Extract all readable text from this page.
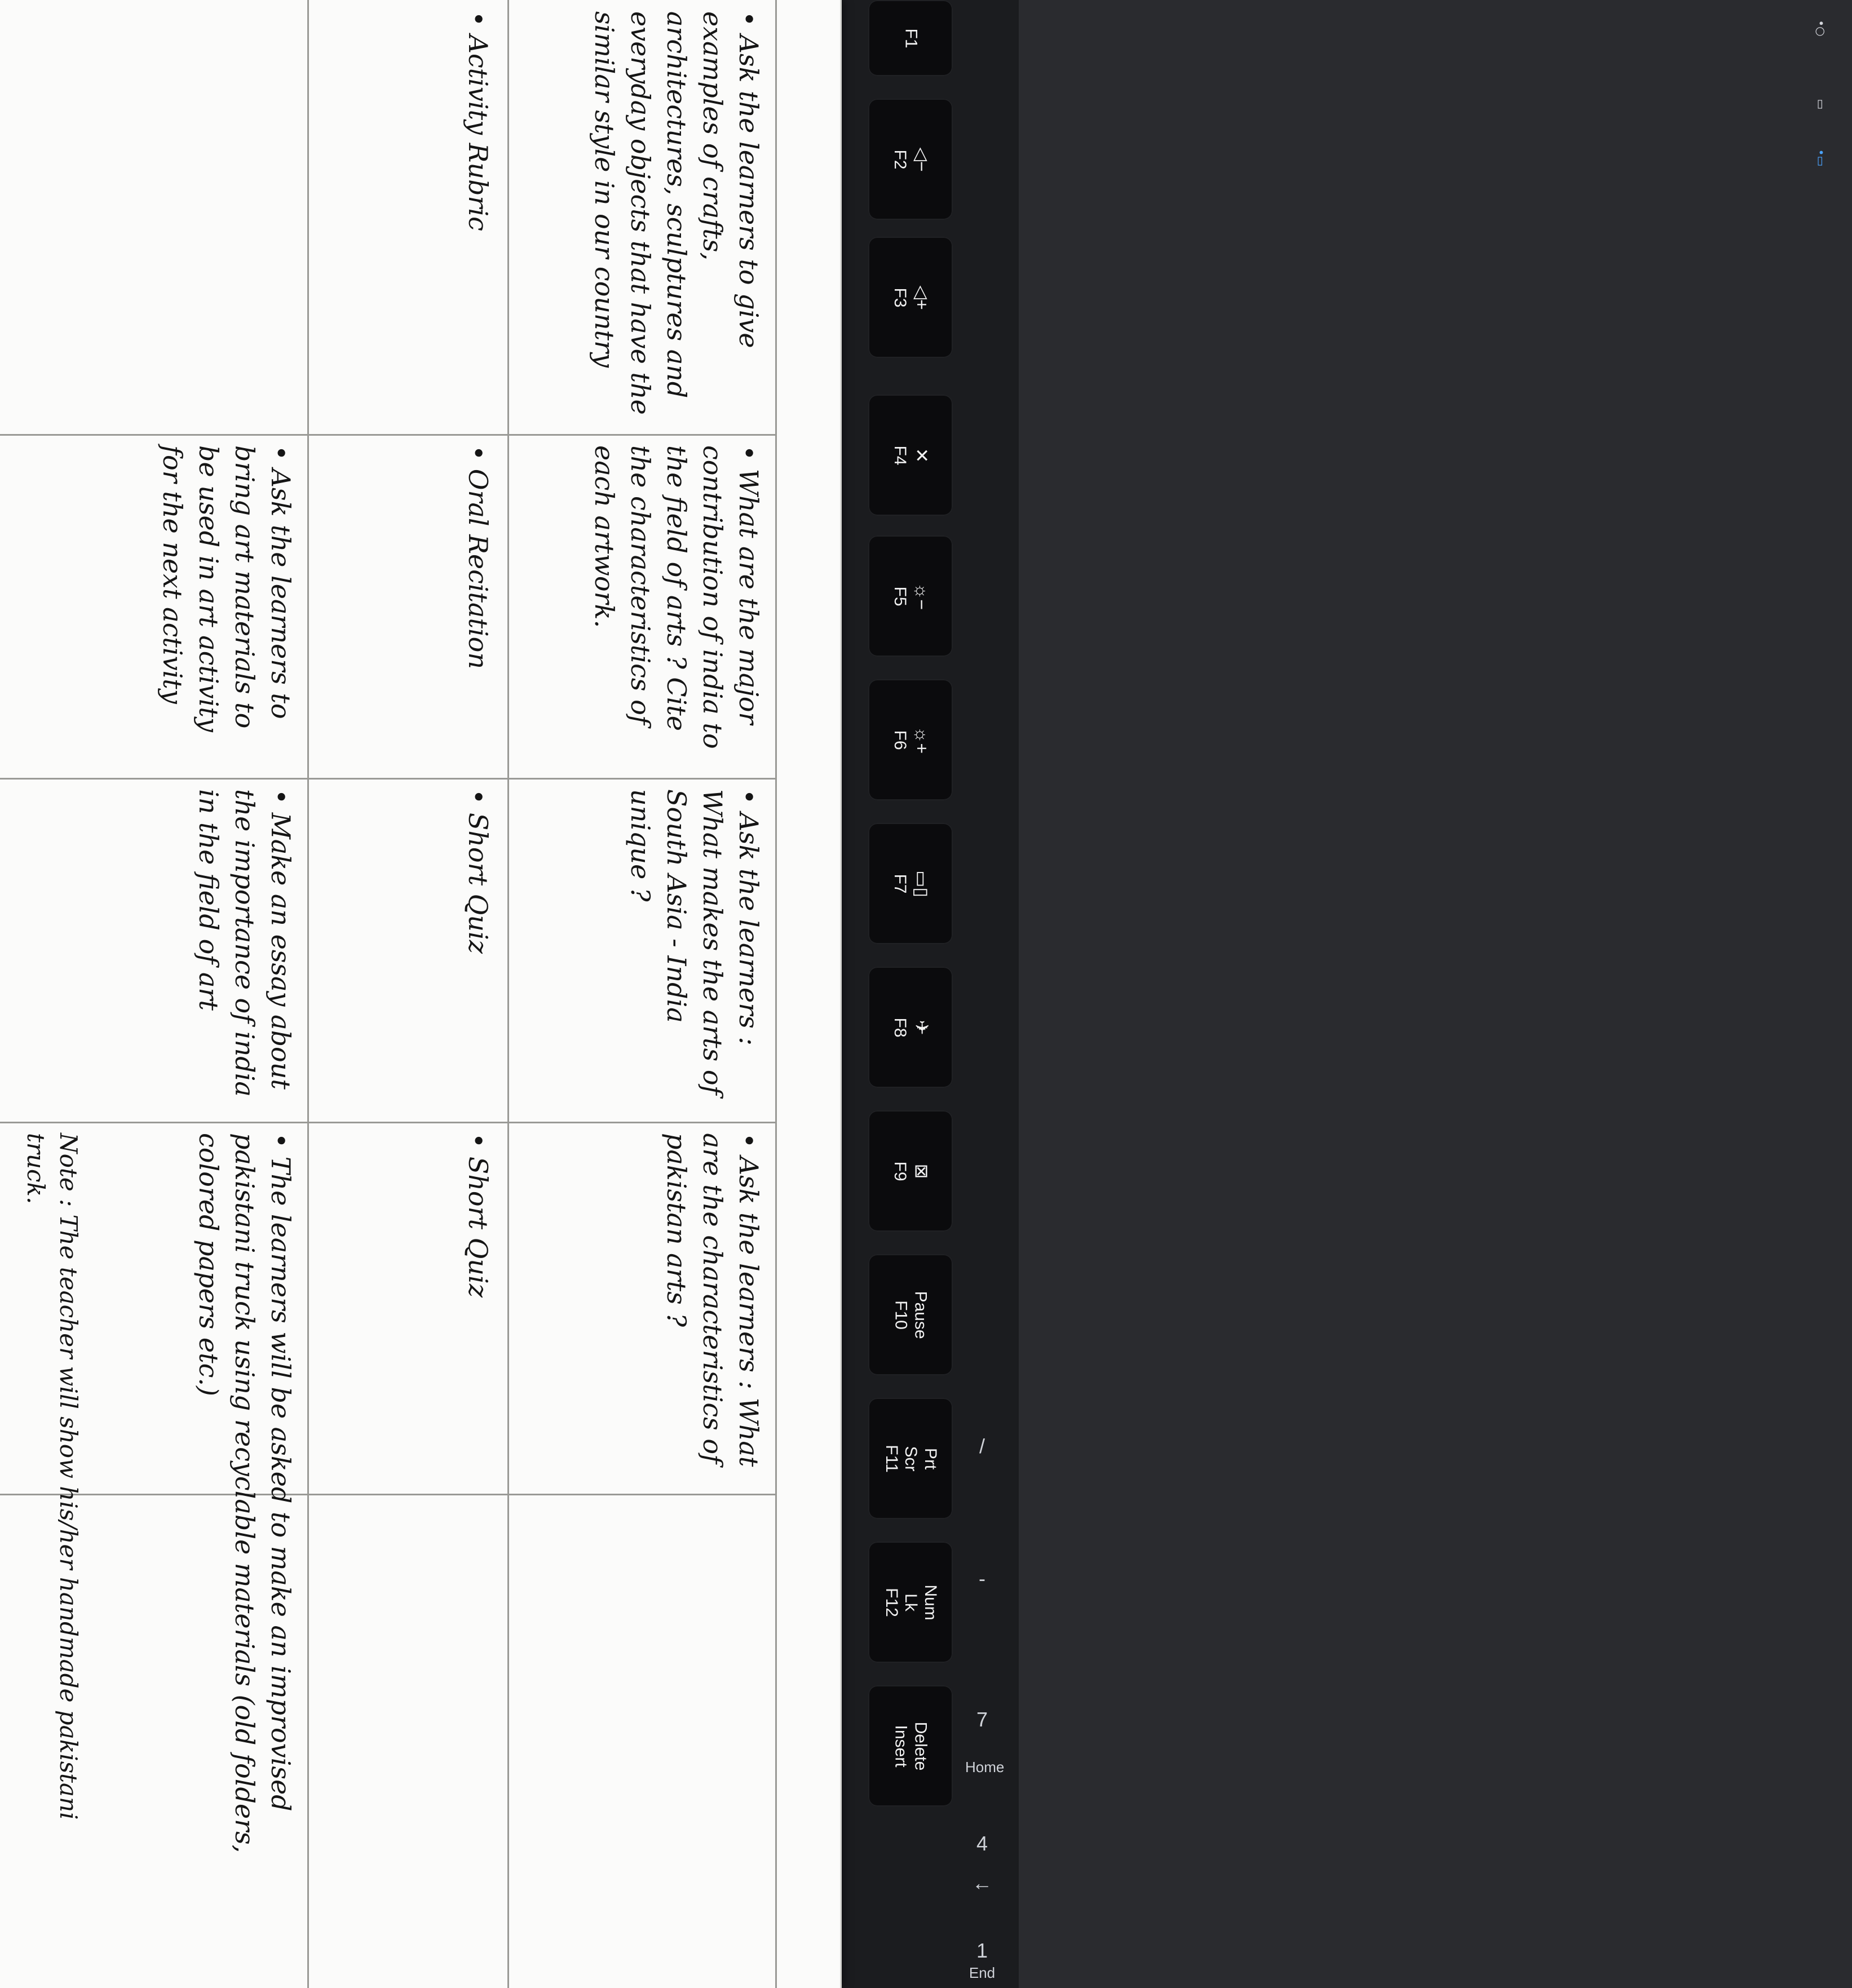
•○
▭
•▭
F1
◁−
F2
◁+
F3
✕
F4
☼−
F5
☼+
F6
▭▯
F7
✈
F8
⊠
F9
Pause
F10
Prt Scr
F11
Num Lk
F12
Delete
Insert
/
-
7
Home
4
←
1
End
• Ask the learners to give examples of crafts, architectures, sculptures and everyday objects that have the similar style in our country
• What are the major contribution of india to the field of arts ? Cite the characteristics of each artwork.
• Ask the learners : What makes the arts of South Asia - India unique ?
• Ask the learners : What are the characteristics of pakistan arts ?
• Activity Rubric
• Oral Recitation
• Short Quiz
• Short Quiz
• Ask the learners to bring art materials to be used in art activity for the next activity
• Make an essay about the importance of india in the field of art
• The learners will be asked to make an improvised pakistani truck using recyclable materials (old folders, colored papers etc.)
Note : The teacher will show his/her handmade pakistani truck.
